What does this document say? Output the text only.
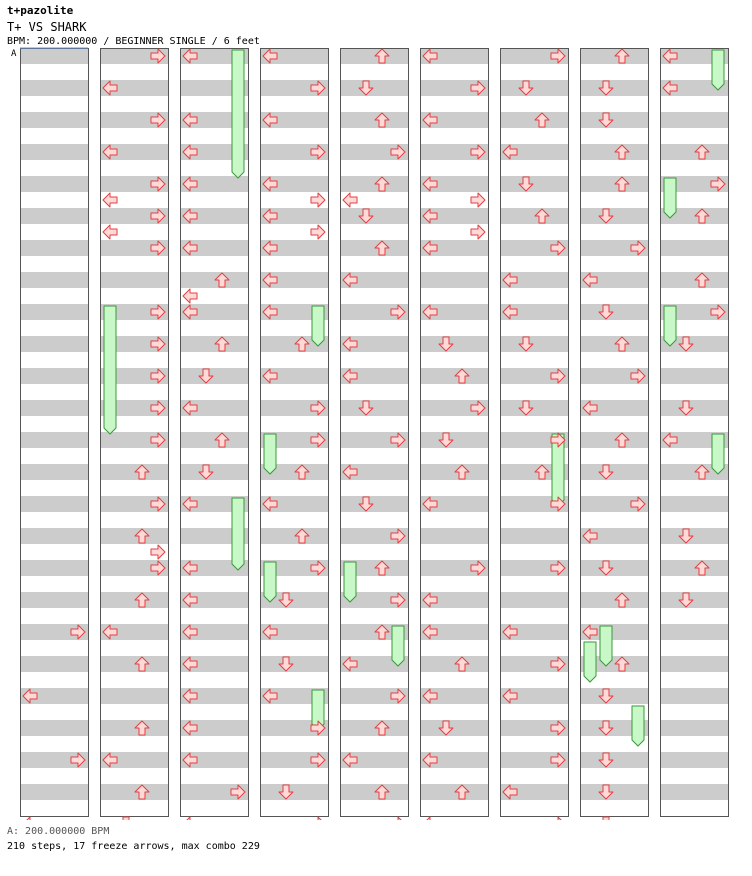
t+pazolite
T+ VS SHARK
BPM: 200.000000 / BEGINNER SINGLE / 6 feet
A
A: 200.000000 BPM
210 steps, 17 freeze arrows, max combo 229
